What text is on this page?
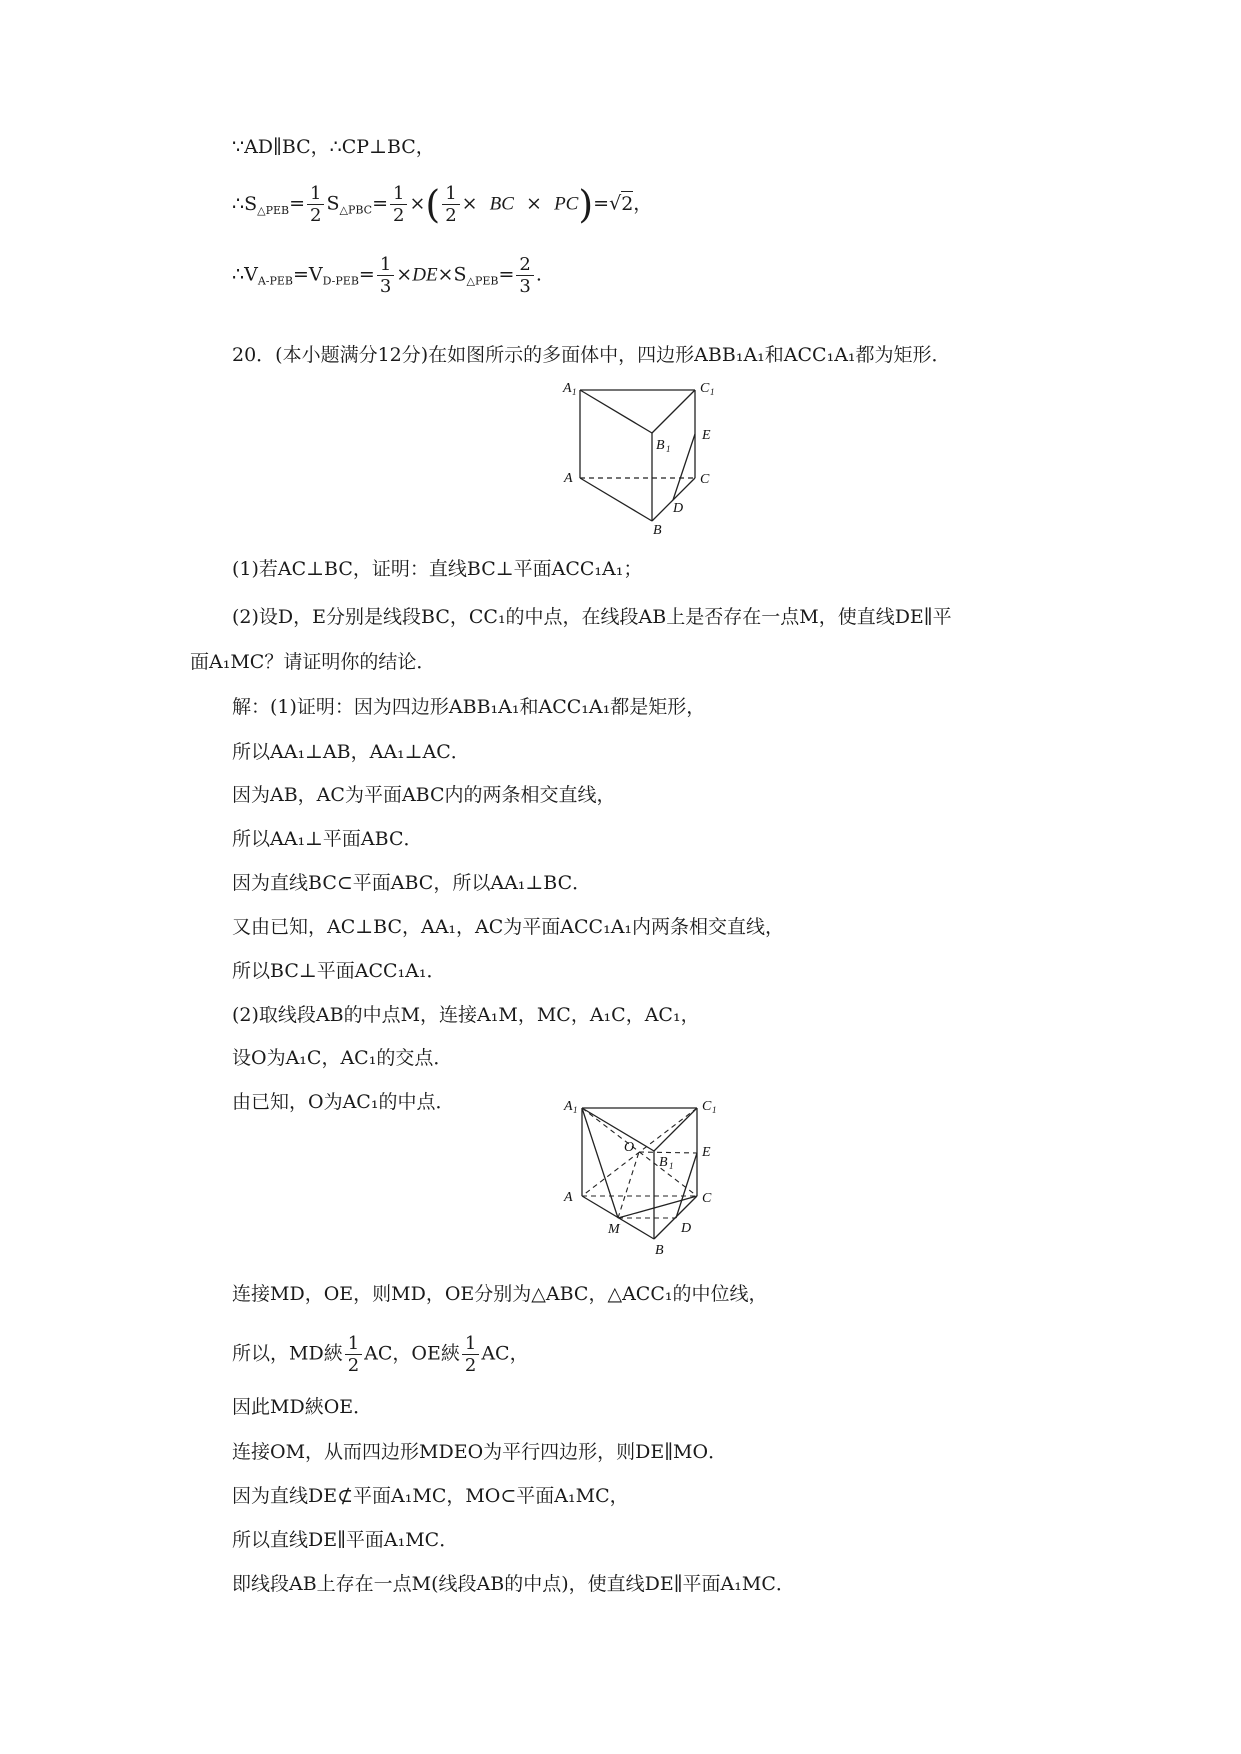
∵AD∥BC，∴CP⊥BC，
$\therefore S_{\triangle PEB}= \frac{1}{2} S_{\triangle PBC}= \frac{1}{2}$ ×( $\frac{1}{2}$ × BC × PC)=√2，
$\therefore V_{A-PEB}=V_{D-PEB}= \frac{1}{3} \times DE\times S_{\triangle PEB}= \frac{2}{3}$ .
20．(本小题满分12分)在如图所示的多面体中，四边形ABB₁A₁和ACC₁A₁都为矩形．
A 1	C 1
B 1
E
A	C
D
B
(1)若AC⊥BC，证明：直线BC⊥平面ACC₁A₁；
(2)设D，E分别是线段BC，CC₁的中点，在线段AB上是否存在一点M，使直线DE∥平
面A₁MC？请证明你的结论．
解：(1)证明：因为四边形ABB₁A₁和ACC₁A₁都是矩形，
所以AA₁⊥AB，AA₁⊥AC．
因为AB，AC为平面ABC内的两条相交直线，
所以AA₁⊥平面ABC．
因为直线BC⊂平面ABC，所以AA₁⊥BC．
又由已知，AC⊥BC，AA₁，AC为平面ACC₁A₁内两条相交直线，
所以BC⊥平面ACC₁A₁．
(2)取线段AB的中点M，连接A₁M，MC，A₁C，AC₁，
设O为A₁C，AC₁的交点．
由已知，O为AC₁的中点．	A 1	C 1
O
B 1
E
A	C
M	D
B
连接MD，OE，则MD，OE分别为△ABC，△ACC₁的中位线，
所以，MD綊 $\frac{1}{2}$ AC，OE綊 $\frac{1}{2}$ AC，
因此MD綊OE．
连接OM，从而四边形MDEO为平行四边形，则DE∥MO．
因为直线DE⊄平面A₁MC，MO⊂平面A₁MC，
所以直线DE∥平面A₁MC．
即线段AB上存在一点M(线段AB的中点)，使直线DE∥平面A₁MC．
